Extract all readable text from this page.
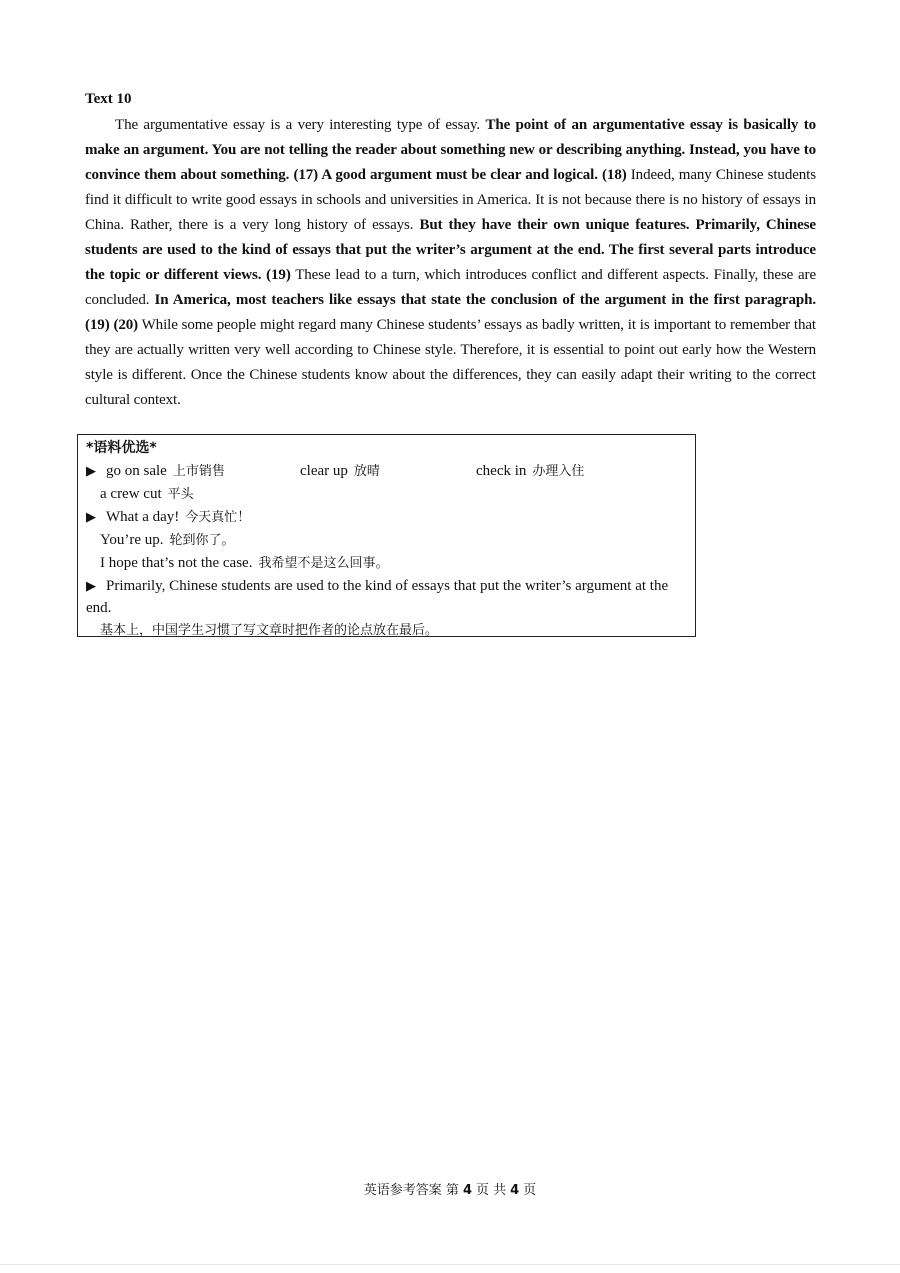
Text 10

The argumentative essay is a very interesting type of essay. The point of an argumentative essay is basically to make an argument. You are not telling the reader about something new or describing anything. Instead, you have to convince them about something. (17) A good argument must be clear and logical. (18) Indeed, many Chinese students find it difficult to write good essays in schools and universities in America. It is not because there is no history of essays in China. Rather, there is a very long history of essays. But they have their own unique features. Primarily, Chinese students are used to the kind of essays that put the writer’s argument at the end. The first several parts introduce the topic or different views. (19) These lead to a turn, which introduces conflict and different aspects. Finally, these are concluded. In America, most teachers like essays that state the conclusion of the argument in the first paragraph. (19) (20) While some people might regard many Chinese students’ essays as badly written, it is important to remember that they are actually written very well according to Chinese style. Therefore, it is essential to point out early how the Western style is different. Once the Chinese students know about the differences, they can easily adapt their writing to the correct cultural context.

*语料优选*
▶ go on sale 上市销售	clear up 放晴	check in 办理入住
a crew cut 平头
▶ What a day! 今天真忙！
You’re up. 轮到你了。
I hope that’s not the case. 我希望不是这么回事。
▶ Primarily, Chinese students are used to the kind of essays that put the writer’s argument at the end.
基本上，中国学生习惯了写文章时把作者的论点放在最后。
英语参考答案 第 4 页 共 4 页
